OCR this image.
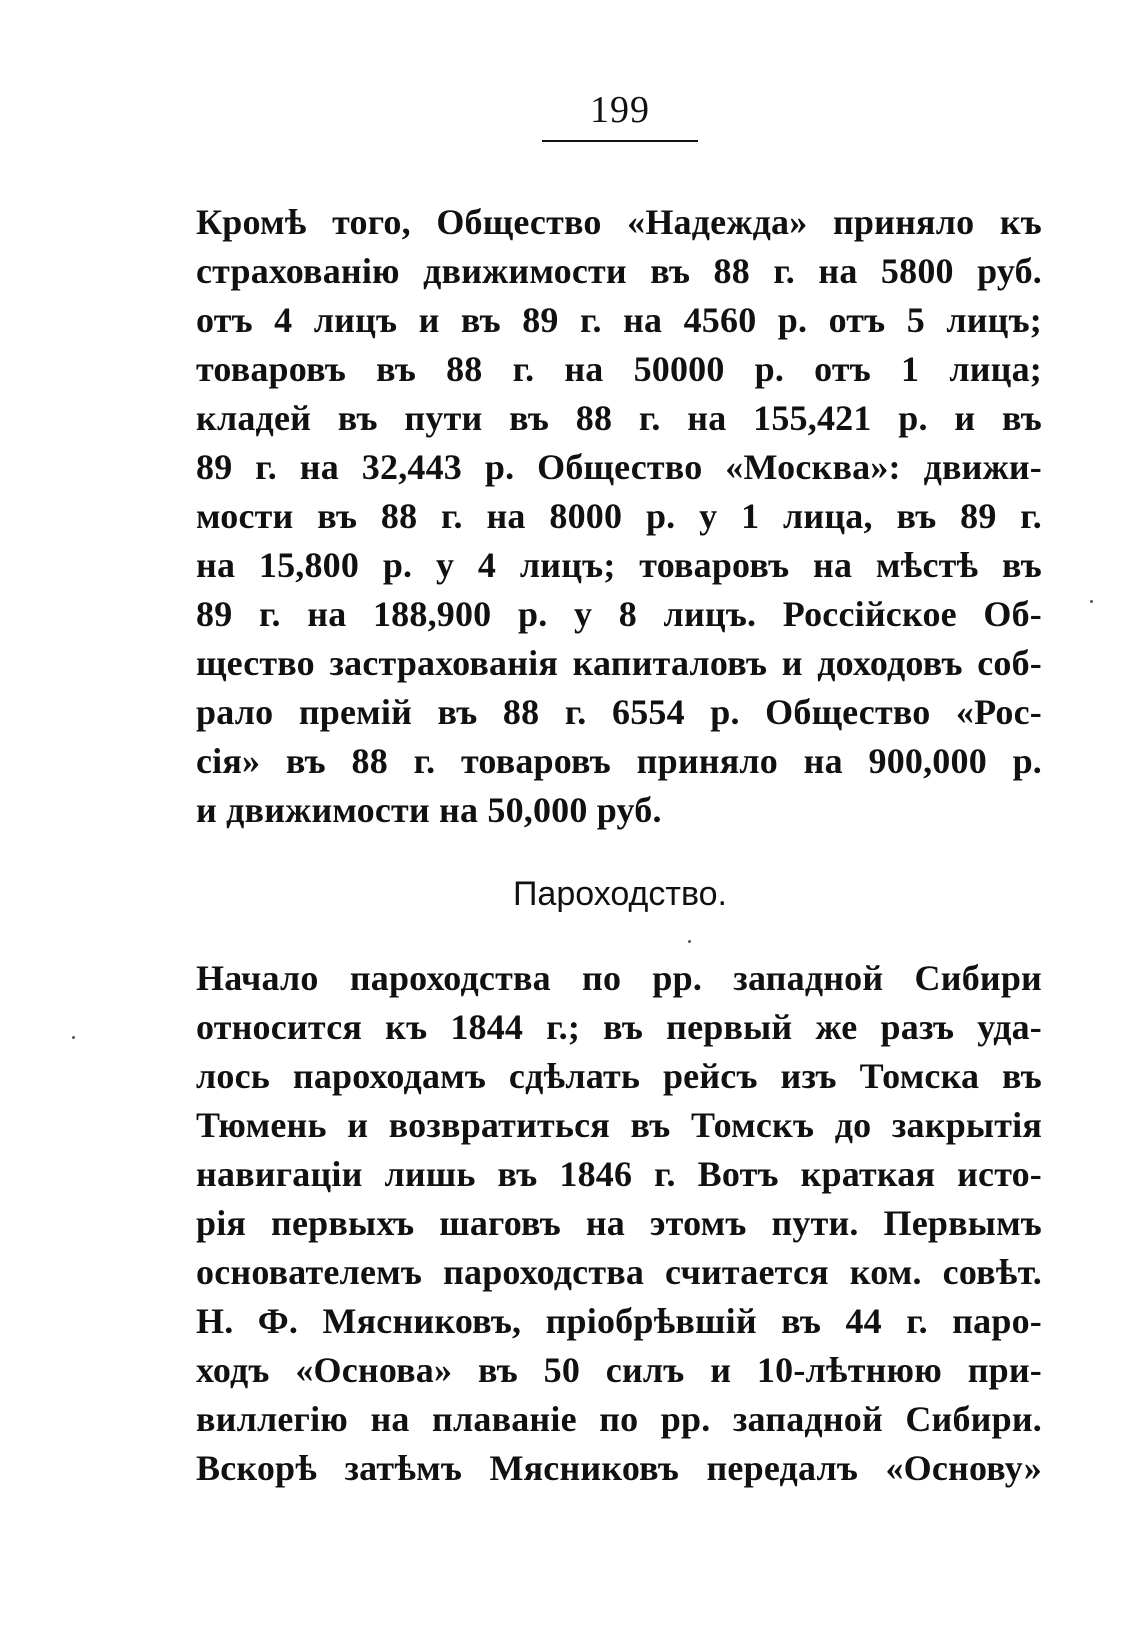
199
Кромѣ того, Общество «Надежда» приняло къ
страхованію движимости въ 88 г. на 5800 руб.
отъ 4 лицъ и въ 89 г. на 4560 р. отъ 5 лицъ;
товаровъ въ 88 г. на 50000 р. отъ 1 лица;
кладей въ пути въ 88 г. на 155,421 р. и въ
89 г. на 32,443 р. Общество «Москва»: движи-
мости въ 88 г. на 8000 р. у 1 лица, въ 89 г.
на 15,800 р. у 4 лицъ; товаровъ на мѣстѣ въ
89 г. на 188,900 р. у 8 лицъ. Россійское Об-
щество застрахованія капиталовъ и доходовъ соб-
рало премій въ 88 г. 6554 р. Общество «Рос-
сія» въ 88 г. товаровъ приняло на 900,000 р.
и движимости на 50,000 руб.
Пароходство.
Начало пароходства по рр. западной Сибири
относится къ 1844 г.; въ первый же разъ уда-
лось пароходамъ сдѣлать рейсъ изъ Томска въ
Тюмень и возвратиться въ Томскъ до закрытія
навигаціи лишь въ 1846 г. Вотъ краткая исто-
рія первыхъ шаговъ на этомъ пути. Первымъ
основателемъ пароходства считается ком. совѣт.
Н. Ф. Мясниковъ, пріобрѣвшій въ 44 г. паро-
ходъ «Основа» въ 50 силъ и 10-лѣтнюю при-
виллегію на плаваніе по рр. западной Сибири.
Вскорѣ затѣмъ Мясниковъ передалъ «Основу»
